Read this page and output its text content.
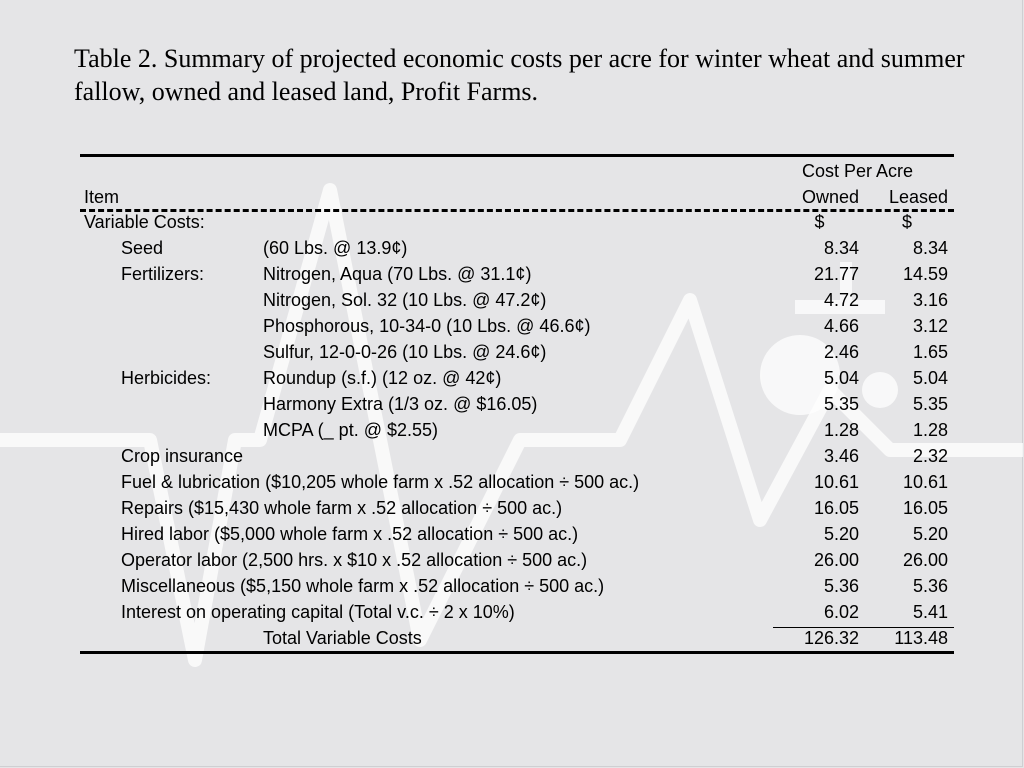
Table 2. Summary of projected economic costs per acre for winter wheat and summer fallow, owned and leased land, Profit Farms.
Cost Per Acre
Item	Owned	Leased
Variable Costs:	$	$
Seed	(60 Lbs. @ 13.9¢)	8.34	8.34
Fertilizers:	Nitrogen, Aqua (70 Lbs. @ 31.1¢)	21.77	14.59
Nitrogen, Sol. 32 (10 Lbs. @ 47.2¢)	4.72	3.16
Phosphorous, 10-34-0 (10 Lbs. @ 46.6¢)	4.66	3.12
Sulfur, 12-0-0-26 (10 Lbs. @ 24.6¢)	2.46	1.65
Herbicides:	Roundup (s.f.) (12 oz. @ 42¢)	5.04	5.04
Harmony Extra (1/3 oz. @ $16.05)	5.35	5.35
MCPA (_ pt. @ $2.55)	1.28	1.28
Crop insurance	3.46	2.32
Fuel & lubrication ($10,205 whole farm x .52 allocation ÷ 500 ac.)	10.61	10.61
Repairs ($15,430 whole farm x .52 allocation ÷ 500 ac.)	16.05	16.05
Hired labor ($5,000 whole farm x .52 allocation ÷ 500 ac.)	5.20	5.20
Operator labor (2,500 hrs. x $10 x .52 allocation ÷ 500 ac.)	26.00	26.00
Miscellaneous ($5,150 whole farm x .52 allocation ÷ 500 ac.)	5.36	5.36
Interest on operating capital (Total v.c. ÷ 2 x 10%)	6.02	5.41
Total Variable Costs	126.32	113.48
